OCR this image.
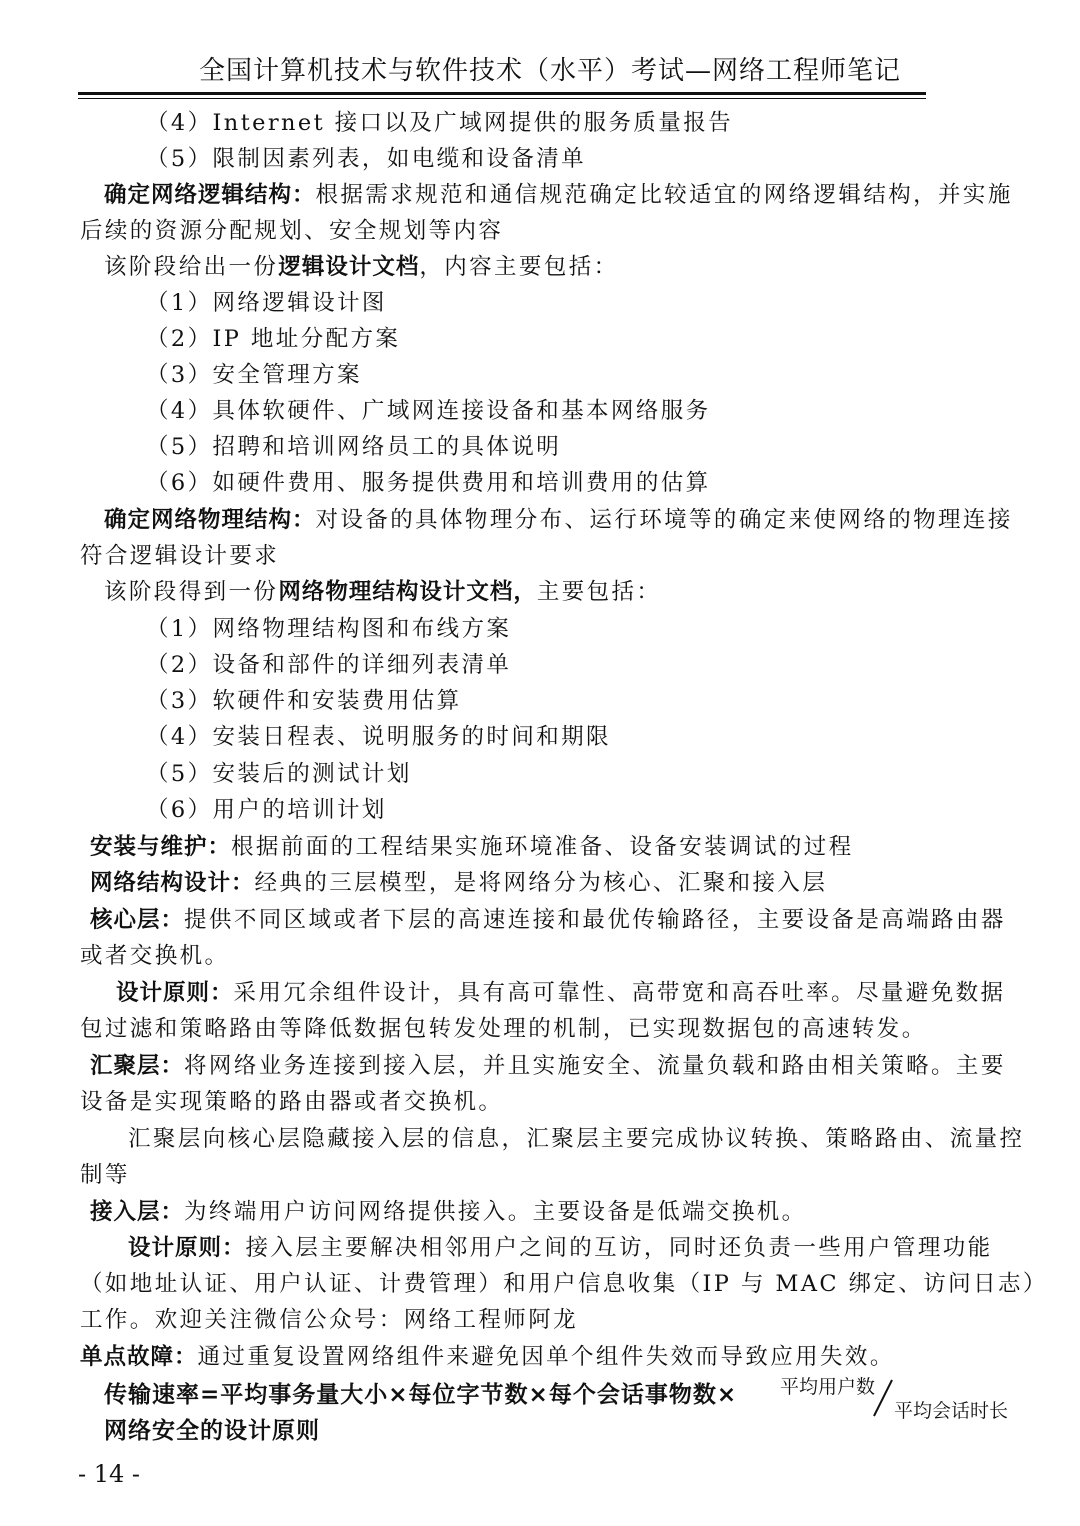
全国计算机技术与软件技术（水平）考试—网络工程师笔记
（4）Internet 接口以及广域网提供的服务质量报告
（5）限制因素列表，如电缆和设备清单
确定网络逻辑结构：根据需求规范和通信规范确定比较适宜的网络逻辑结构，并实施
后续的资源分配规划、安全规划等内容
该阶段给出一份逻辑设计文档，内容主要包括：
（1）网络逻辑设计图
（2）IP 地址分配方案
（3）安全管理方案
（4）具体软硬件、广域网连接设备和基本网络服务
（5）招聘和培训网络员工的具体说明
（6）如硬件费用、服务提供费用和培训费用的估算
确定网络物理结构：对设备的具体物理分布、运行环境等的确定来使网络的物理连接
符合逻辑设计要求
该阶段得到一份网络物理结构设计文档，主要包括：
（1）网络物理结构图和布线方案
（2）设备和部件的详细列表清单
（3）软硬件和安装费用估算
（4）安装日程表、说明服务的时间和期限
（5）安装后的测试计划
（6）用户的培训计划
安装与维护：根据前面的工程结果实施环境准备、设备安装调试的过程
网络结构设计：经典的三层模型，是将网络分为核心、汇聚和接入层
核心层：提供不同区域或者下层的高速连接和最优传输路径，主要设备是高端路由器
或者交换机。
设计原则：采用冗余组件设计，具有高可靠性、高带宽和高吞吐率。尽量避免数据
包过滤和策略路由等降低数据包转发处理的机制，已实现数据包的高速转发。
汇聚层：将网络业务连接到接入层，并且实施安全、流量负载和路由相关策略。主要
设备是实现策略的路由器或者交换机。
汇聚层向核心层隐藏接入层的信息，汇聚层主要完成协议转换、策略路由、流量控
制等
接入层：为终端用户访问网络提供接入。主要设备是低端交换机。
设计原则：接入层主要解决相邻用户之间的互访，同时还负责一些用户管理功能
（如地址认证、用户认证、计费管理）和用户信息收集（IP 与 MAC 绑定、访问日志）
工作。欢迎关注微信公众号：网络工程师阿龙
单点故障：通过重复设置网络组件来避免因单个组件失效而导致应用失效。
传输速率=平均事务量大小×每位字节数×每个会话事物数× 平均用户数
平均会话时长
网络安全的设计原则
- 14 -
